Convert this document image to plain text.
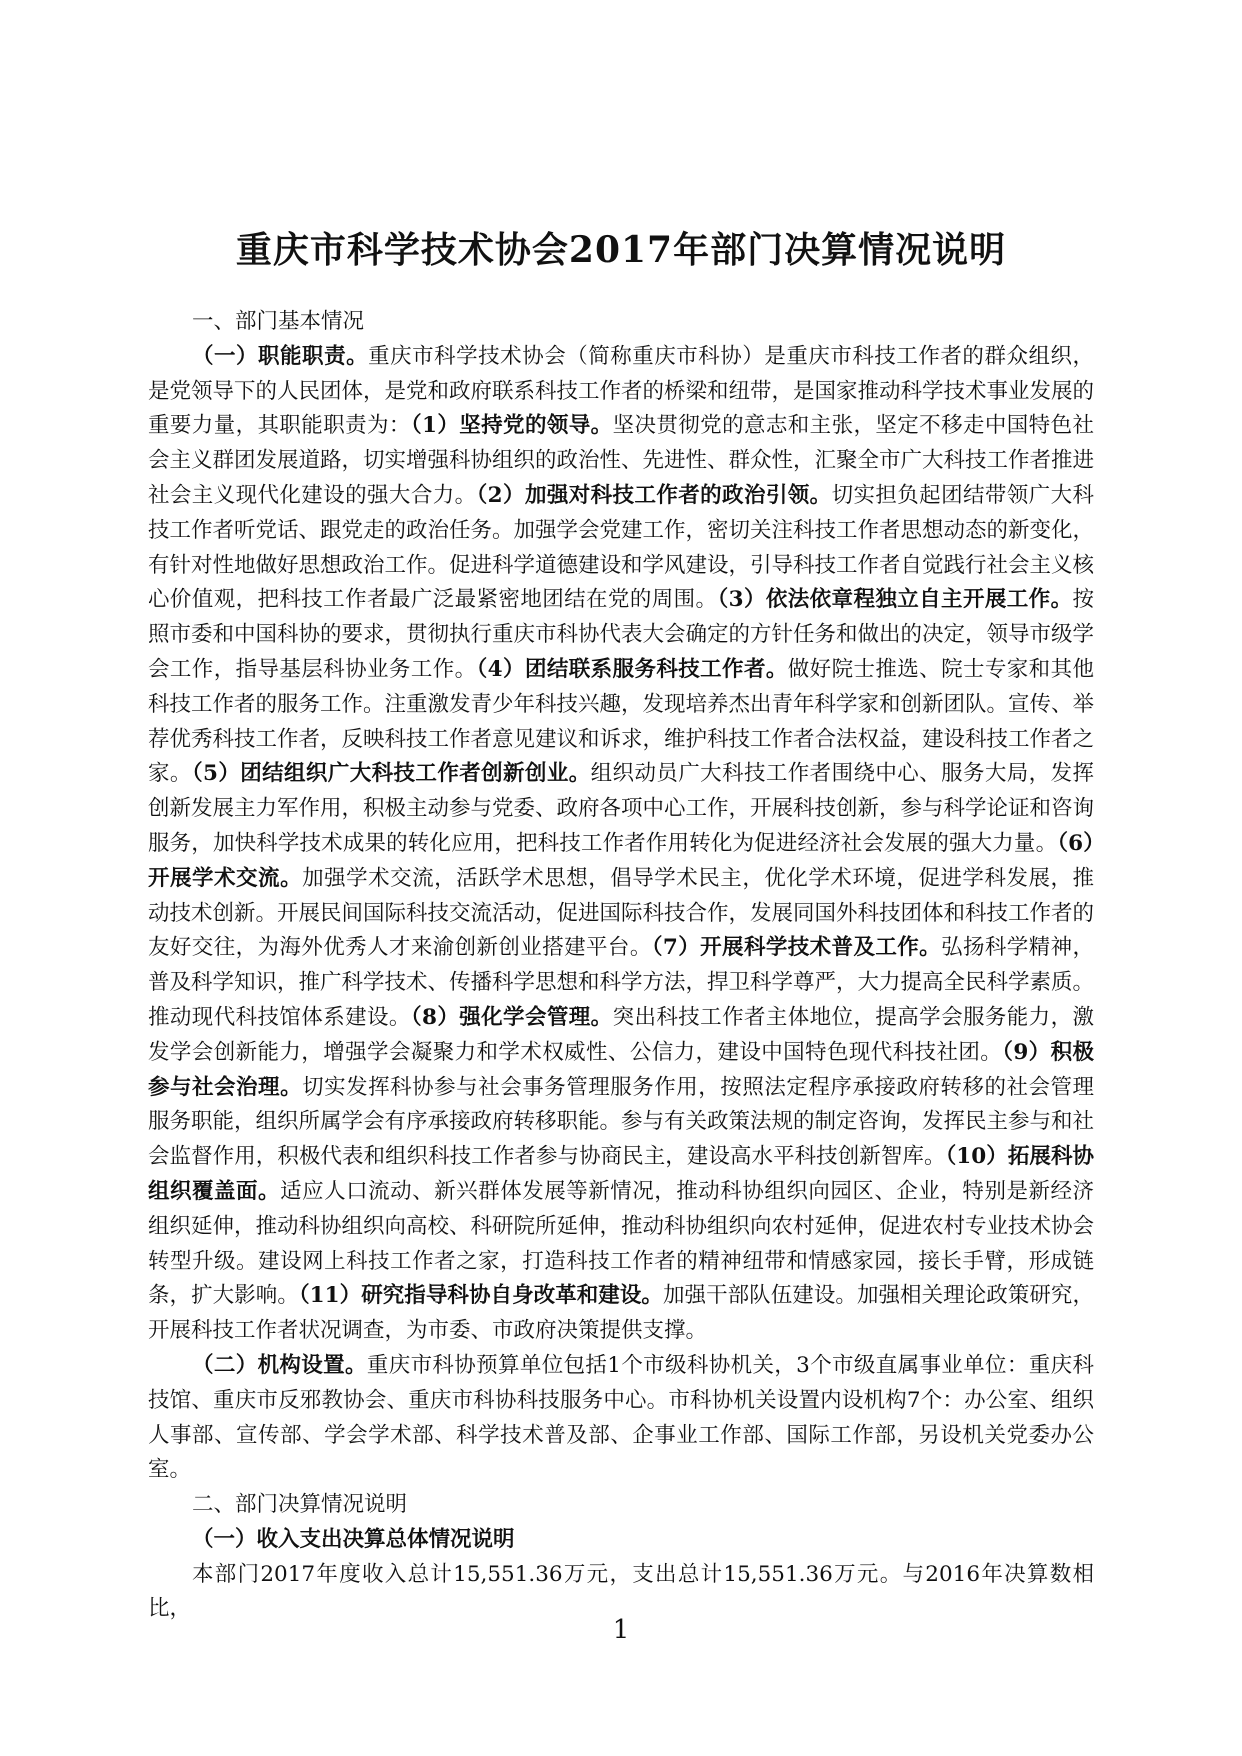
重庆市科学技术协会2017年部门决算情况说明

一、部门基本情况

（一）职能职责。重庆市科学技术协会（简称重庆市科协）是重庆市科技工作者的群众组织，是党领导下的人民团体，是党和政府联系科技工作者的桥梁和纽带，是国家推动科学技术事业发展的重要力量，其职能职责为：（1）坚持党的领导。坚决贯彻党的意志和主张，坚定不移走中国特色社会主义群团发展道路，切实增强科协组织的政治性、先进性、群众性，汇聚全市广大科技工作者推进社会主义现代化建设的强大合力。（2）加强对科技工作者的政治引领。切实担负起团结带领广大科技工作者听党话、跟党走的政治任务。加强学会党建工作，密切关注科技工作者思想动态的新变化，有针对性地做好思想政治工作。促进科学道德建设和学风建设，引导科技工作者自觉践行社会主义核心价值观，把科技工作者最广泛最紧密地团结在党的周围。（3）依法依章程独立自主开展工作。按照市委和中国科协的要求，贯彻执行重庆市科协代表大会确定的方针任务和做出的决定，领导市级学会工作，指导基层科协业务工作。（4）团结联系服务科技工作者。做好院士推选、院士专家和其他科技工作者的服务工作。注重激发青少年科技兴趣，发现培养杰出青年科学家和创新团队。宣传、举荐优秀科技工作者，反映科技工作者意见建议和诉求，维护科技工作者合法权益，建设科技工作者之家。（5）团结组织广大科技工作者创新创业。组织动员广大科技工作者围绕中心、服务大局，发挥创新发展主力军作用，积极主动参与党委、政府各项中心工作，开展科技创新，参与科学论证和咨询服务，加快科学技术成果的转化应用，把科技工作者作用转化为促进经济社会发展的强大力量。（6）开展学术交流。加强学术交流，活跃学术思想，倡导学术民主，优化学术环境，促进学科发展，推动技术创新。开展民间国际科技交流活动，促进国际科技合作，发展同国外科技团体和科技工作者的友好交往，为海外优秀人才来渝创新创业搭建平台。（7）开展科学技术普及工作。弘扬科学精神，普及科学知识，推广科学技术、传播科学思想和科学方法，捍卫科学尊严，大力提高全民科学素质。推动现代科技馆体系建设。（8）强化学会管理。突出科技工作者主体地位，提高学会服务能力，激发学会创新能力，增强学会凝聚力和学术权威性、公信力，建设中国特色现代科技社团。（9）积极参与社会治理。切实发挥科协参与社会事务管理服务作用，按照法定程序承接政府转移的社会管理服务职能，组织所属学会有序承接政府转移职能。参与有关政策法规的制定咨询，发挥民主参与和社会监督作用，积极代表和组织科技工作者参与协商民主，建设高水平科技创新智库。（10）拓展科协组织覆盖面。适应人口流动、新兴群体发展等新情况，推动科协组织向园区、企业，特别是新经济组织延伸，推动科协组织向高校、科研院所延伸，推动科协组织向农村延伸，促进农村专业技术协会转型升级。建设网上科技工作者之家，打造科技工作者的精神纽带和情感家园，接长手臂，形成链条，扩大影响。（11）研究指导科协自身改革和建设。加强干部队伍建设。加强相关理论政策研究，开展科技工作者状况调查，为市委、市政府决策提供支撑。

（二）机构设置。重庆市科协预算单位包括1个市级科协机关，3个市级直属事业单位：重庆科技馆、重庆市反邪教协会、重庆市科协科技服务中心。市科协机关设置内设机构7个：办公室、组织人事部、宣传部、学会学术部、科学技术普及部、企事业工作部、国际工作部，另设机关党委办公室。

二、部门决算情况说明

（一）收入支出决算总体情况说明

本部门2017年度收入总计15,551.36万元，支出总计15,551.36万元。与2016年决算数相比，

1
